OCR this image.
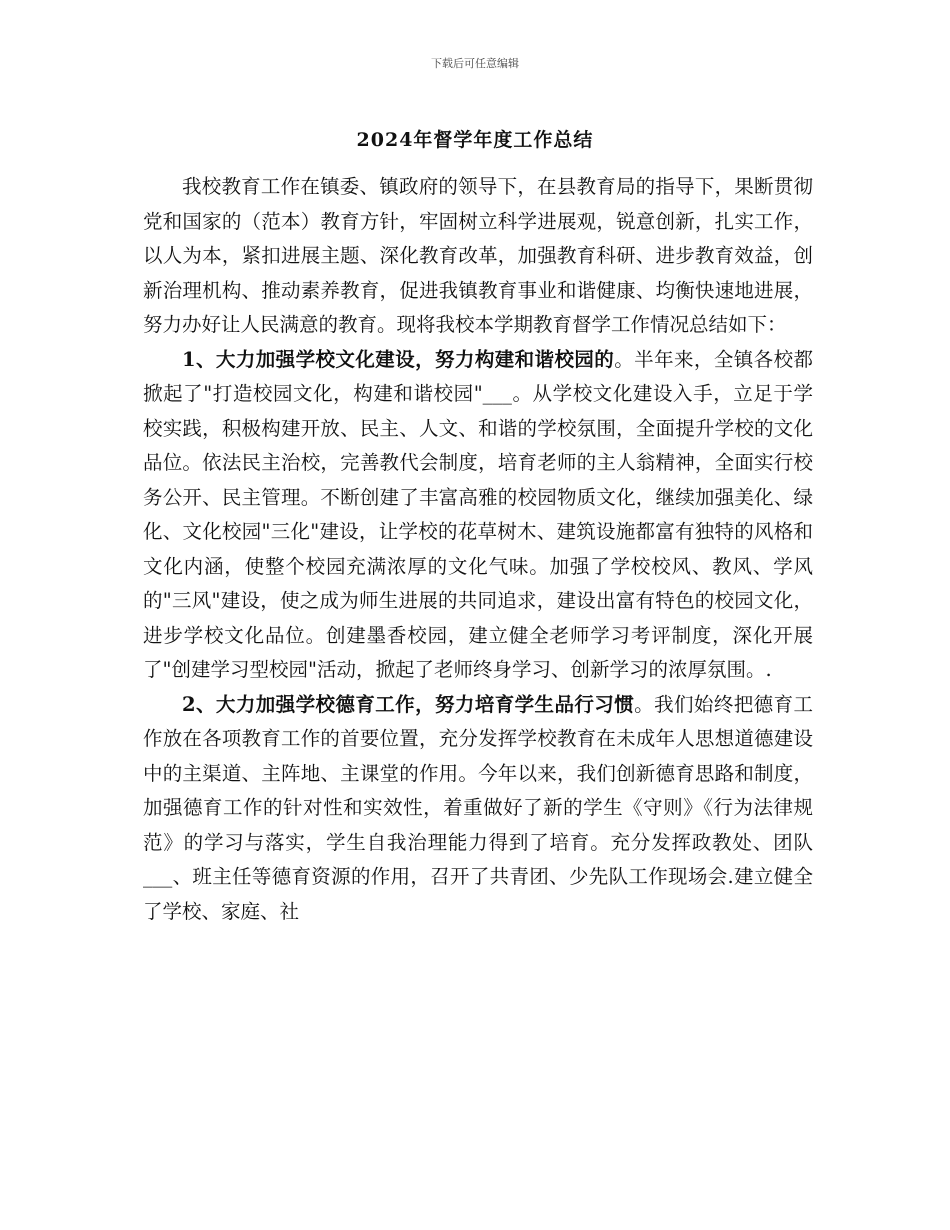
下载后可任意编辑
2024年督学年度工作总结

我校教育工作在镇委、镇政府的领导下，在县教育局的指导下，果断贯彻党和国家的（范本）教育方针，牢固树立科学进展观，锐意创新，扎实工作，以人为本，紧扣进展主题、深化教育改革，加强教育科研、进步教育效益，创新治理机构、推动素养教育，促进我镇教育事业和谐健康、均衡快速地进展，努力办好让人民满意的教育。现将我校本学期教育督学工作情况总结如下：

1、大力加强学校文化建设，努力构建和谐校园的。半年来，全镇各校都掀起了"打造校园文化，构建和谐校园"___。从学校文化建设入手，立足于学校实践，积极构建开放、民主、人文、和谐的学校氛围，全面提升学校的文化品位。依法民主治校，完善教代会制度，培育老师的主人翁精神，全面实行校务公开、民主管理。不断创建了丰富高雅的校园物质文化，继续加强美化、绿化、文化校园"三化"建设，让学校的花草树木、建筑设施都富有独特的风格和文化内涵，使整个校园充满浓厚的文化气味。加强了学校校风、教风、学风的"三风"建设，使之成为师生进展的共同追求，建设出富有特色的校园文化，进步学校文化品位。创建墨香校园，建立健全老师学习考评制度，深化开展了"创建学习型校园"活动，掀起了老师终身学习、创新学习的浓厚氛围。.

2、大力加强学校德育工作，努力培育学生品行习惯。我们始终把德育工作放在各项教育工作的首要位置，充分发挥学校教育在未成年人思想道德建设中的主渠道、主阵地、主课堂的作用。今年以来，我们创新德育思路和制度，加强德育工作的针对性和实效性，着重做好了新的学生《守则》《行为法律规范》的学习与落实，学生自我治理能力得到了培育。充分发挥政教处、团队___、班主任等德育资源的作用，召开了共青团、少先队工作现场会.建立健全了学校、家庭、社
